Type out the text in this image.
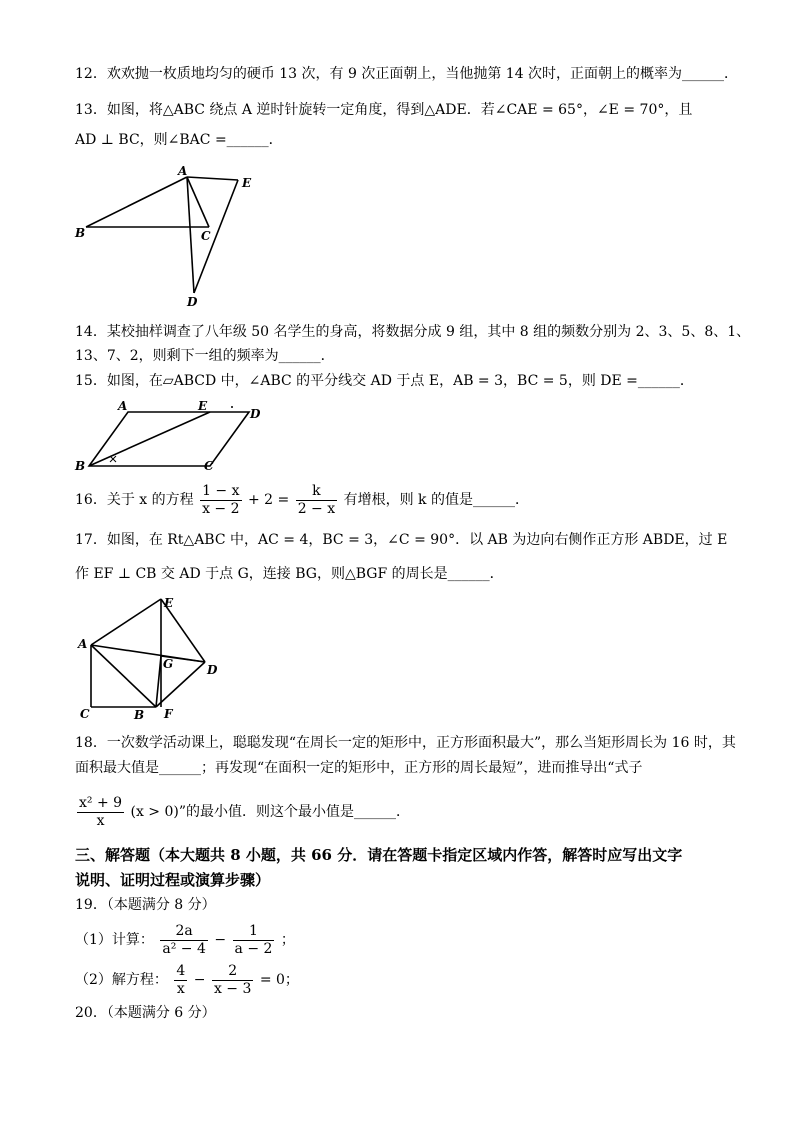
12．欢欢抛一枚质地均匀的硬币 13 次，有 9 次正面朝上，当他抛第 14 次时，正面朝上的概率为______．
13．如图，将△ABC 绕点 A 逆时针旋转一定角度，得到△ADE．若∠CAE = 65°，∠E = 70°，且
AD ⊥ BC，则∠BAC =______．
A
B	C
D
E
14．某校抽样调查了八年级 50 名学生的身高，将数据分成 9 组，其中 8 组的频数分别为 2、3、5、8、1、
13、7、2，则剩下一组的频率为______．
15．如图，在▱ABCD 中，∠ABC 的平分线交 AD 于点 E，AB = 3，BC = 5，则 DE =______．
A
B	C
D
E
16．关于 x 的方程 $\frac{1 - x}{x - 2} + 2 = \frac{k}{2 - x}$ 有增根，则 k 的值是______．
17．如图，在 Rt△ABC 中，AC = 4，BC = 3，∠C = 90°．以 AB 为边向右侧作正方形 ABDE，过 E
作 EF ⊥ CB 交 AD 于点 G，连接 BG，则△BGF 的周长是______．
A
C	B F
E
D
G
18．一次数学活动课上，聪聪发现“在周长一定的矩形中，正方形面积最大”，那么当矩形周长为 16 时，其
面积最大值是______；再发现“在面积一定的矩形中，正方形的周长最短”，进而推导出“式子
$\frac{\text{x² + 9}}{x} (x > 0)$”的最小值．则这个最小值是______．
三、解答题（本大题共 8 小题，共 66 分．请在答题卡指定区域内作答，解答时应写出文字
说明、证明过程或演算步骤）
19．（本题满分 8 分）
（1）计算： $\frac{2a}{\text{a² − 4}} - \frac{1}{a - 2}$ ；
（2）解方程： $\frac{4}{x} - \frac{2}{x - 3} = 0$；
20．（本题满分 6 分）
